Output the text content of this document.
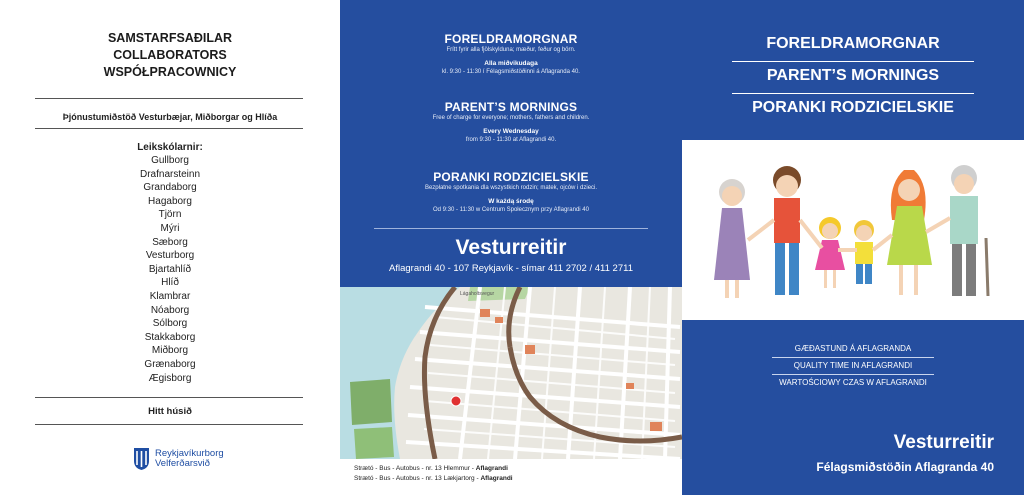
SAMSTARFSAÐILAR
COLLABORATORS
WSPÓŁPRACOWNICY
Þjónustumiðstöð Vesturbæjar, Miðborgar og Hlíða
Leikskólarnir:
Gullborg
Drafnarsteinn
Grandaborg
Hagaborg
Tjörn
Mýri
Sæborg
Vesturborg
Bjartahlíð
Hlíð
Klambrar
Nóaborg
Sólborg
Stakkaborg
Miðborg
Grænaborg
Ægisborg
Hitt húsið
Reykjavíkurborg
Velferðarsvið
FORELDRAMORGNAR
Frítt fyrir alla fjölskylduna; mæður, feður og börn.
Alla miðvikudaga
kl. 9:30 - 11:30 í Félagsmiðstöðinni á Aflagranda 40.
PARENT’S MORNINGS
Free of charge for everyone; mothers, fathers and children.
Every Wednesday
from 9:30 - 11:30 at Aflagrandi 40.
PORANKI RODZICIELSKIE
Bezpłatne spotkania dla wszystkich rodzin; matek, ojców i dzieci.
W każdą środę
Od 9:30 - 11:30 w Centrum Społecznym przy Aflagrandi 40
Vesturreitir
Aflagrandi 40 - 107 Reykjavík - símar 411 2702 / 411 2711
Lágaholtsvegur
Strætó - Bus - Autobus - nr. 13 Hlemmur - Aflagrandi
Strætó - Bus - Autobus - nr. 13 Lækjartorg - Aflagrandi
FORELDRAMORGNAR
PARENT’S MORNINGS
PORANKI RODZICIELSKIE
GÆÐASTUND Á AFLAGRANDA
QUALITY TIME IN AFLAGRANDI
WARTOŚCIOWY CZAS W AFLAGRANDI
Vesturreitir
Félagsmiðstöðin Aflagranda 40
